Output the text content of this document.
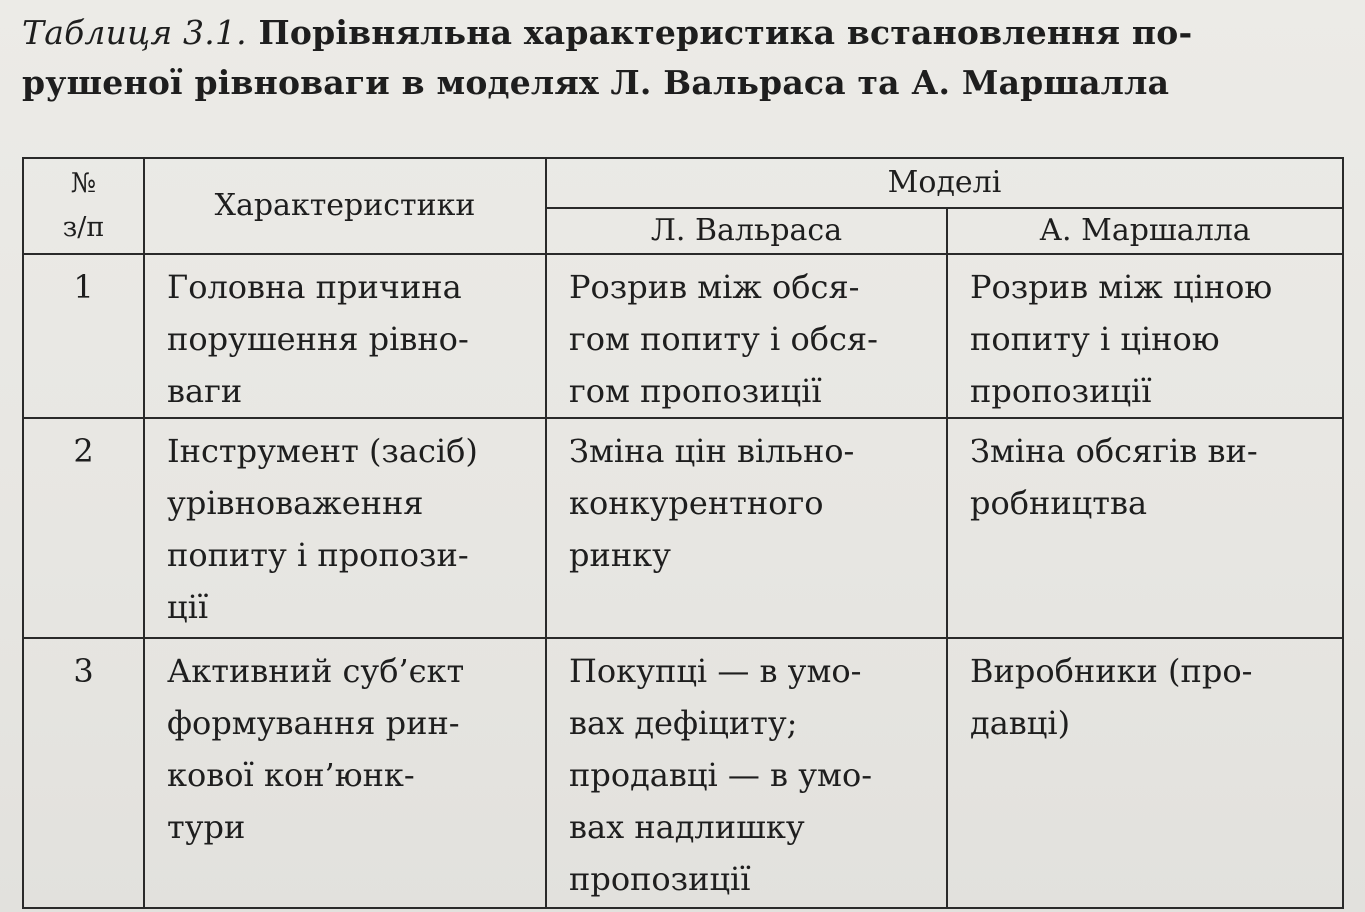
Таблиця 3.1. Порівняльна характеристика встановлення по-
рушеної рівноваги в моделях Л. Вальраса та А. Маршалла
№
з/п	Характеристики	Моделі	
		Л. Вальраса	А. Маршалла
1	Головна причина
порушення рівно-
ваги	Розрив між обся-
гом попиту і обся-
гом пропозиції	Розрив між ціною
попиту і ціною
пропозиції

2	Інструмент (засіб)
урівноваження
попиту і пропози-
ції	Зміна цін вільно-
конкурентного
ринку	Зміна обсягів ви-
робництва

3	Активний суб’єкт
формування рин-
кової кон’юнк-
тури	Покупці — в умо-
вах дефіциту;
продавці — в умо-
вах надлишку
пропозиції	Виробники (про-
давці)
